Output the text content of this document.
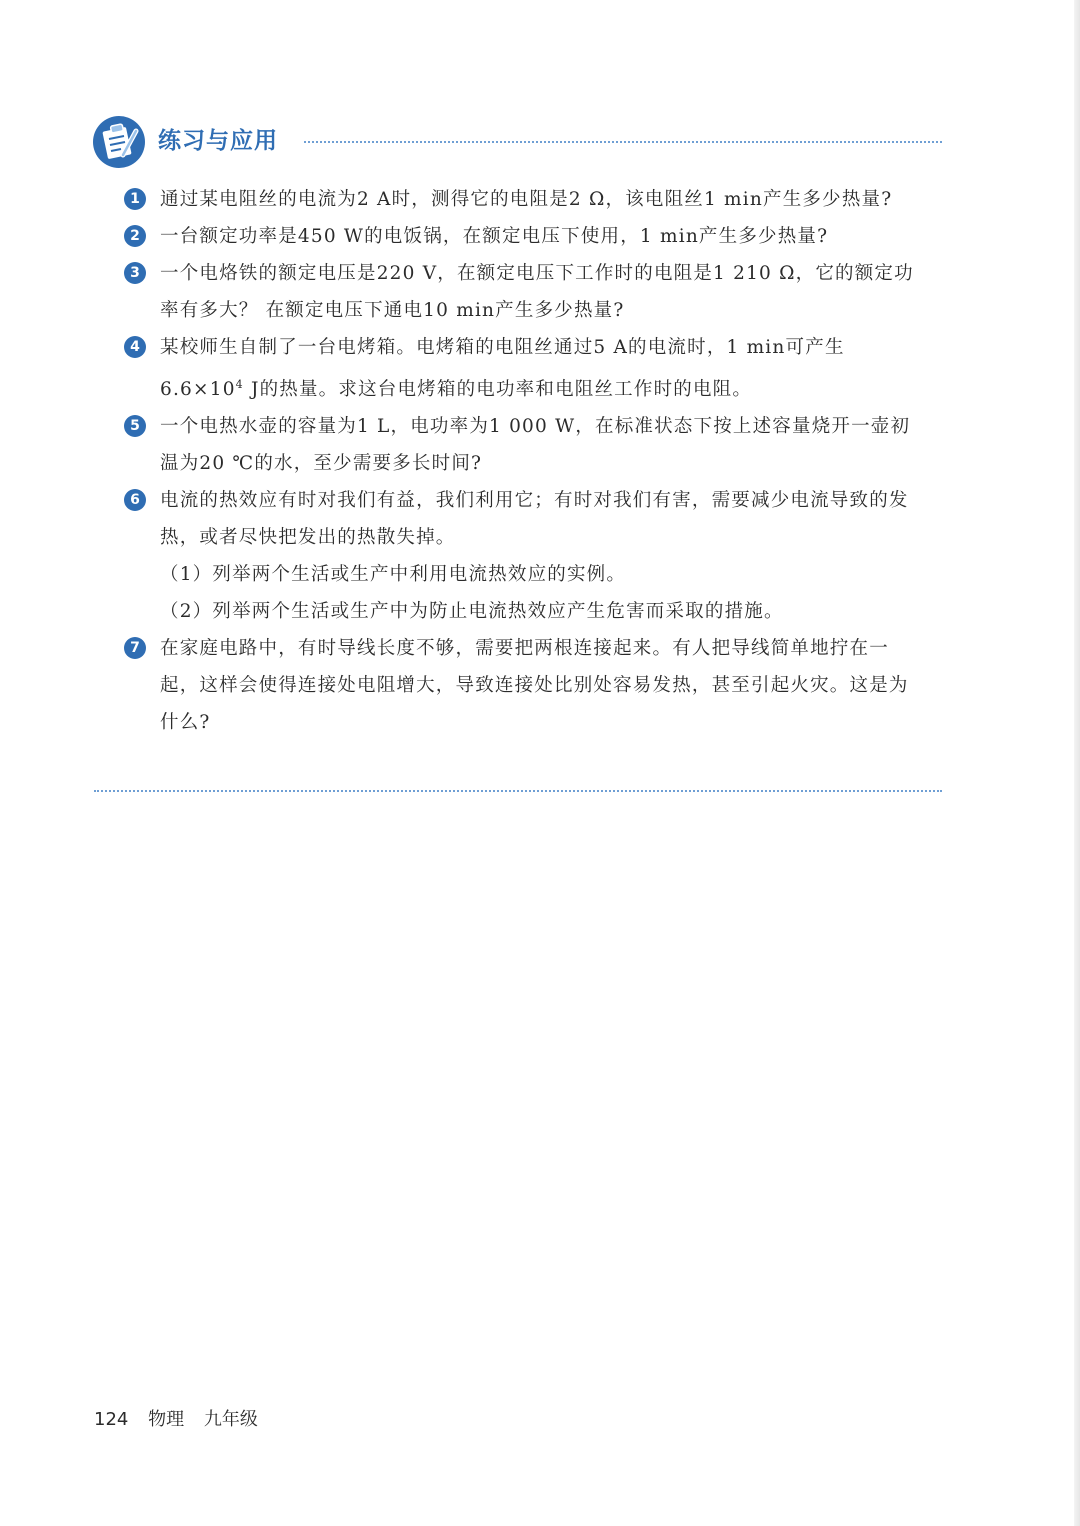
练习与应用
1	通过某电阻丝的电流为2 A时，测得它的电阻是2 Ω，该电阻丝1 min产生多少热量?
2	一台额定功率是450 W的电饭锅，在额定电压下使用，1 min产生多少热量?
3	一个电烙铁的额定电压是220 V，在额定电压下工作时的电阻是1 210 Ω，它的额定功率有多大？ 在额定电压下通电10 min产生多少热量?
4	某校师生自制了一台电烤箱。电烤箱的电阻丝通过5 A的电流时，1 min可产生$6.6\times 10^4$ J的热量。求这台电烤箱的电功率和电阻丝工作时的电阻。
5	一个电热水壶的容量为1 L，电功率为1 000 W，在标准状态下按上述容量烧开一壶初温为20 ℃的水，至少需要多长时间?
6	电流的热效应有时对我们有益，我们利用它；有时对我们有害，需要减少电流导致的发热，或者尽快把发出的热散失掉。
（1）列举两个生活或生产中利用电流热效应的实例。
（2）列举两个生活或生产中为防止电流热效应产生危害而采取的措施。
7	在家庭电路中，有时导线长度不够，需要把两根连接起来。有人把导线简单地拧在一起，这样会使得连接处电阻增大，导致连接处比别处容易发热，甚至引起火灾。这是为什么?
124 物理 九年级
